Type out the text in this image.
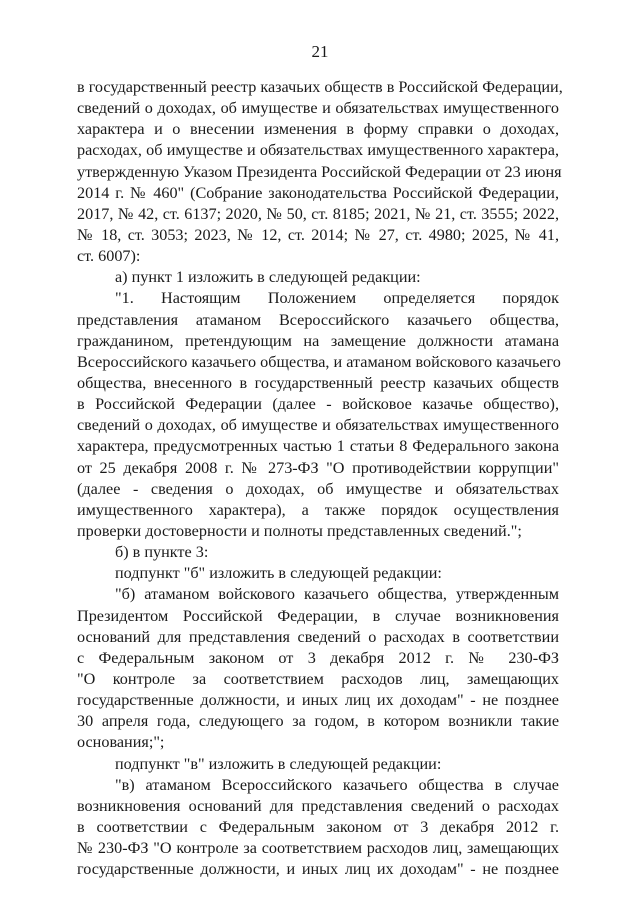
21
в государственный реестр казачьих обществ в Российской Федерации,
сведений о доходах, об имуществе и обязательствах имущественного
характера и о внесении изменения в форму справки о доходах,
расходах, об имуществе и обязательствах имущественного характера,
утвержденную Указом Президента Российской Федерации от 23 июня
2014 г. № 460" (Собрание законодательства Российской Федерации,
2017, № 42, ст. 6137; 2020, № 50, ст. 8185; 2021, № 21, ст. 3555; 2022,
№ 18, ст. 3053; 2023, № 12, ст. 2014; № 27, ст. 4980; 2025, № 41,
ст. 6007):
а) пункт 1 изложить в следующей редакции:
"1. Настоящим Положением определяется порядок
представления атаманом Всероссийского казачьего общества,
гражданином, претендующим на замещение должности атамана
Всероссийского казачьего общества, и атаманом войскового казачьего
общества, внесенного в государственный реестр казачьих обществ
в Российской Федерации (далее - войсковое казачье общество),
сведений о доходах, об имуществе и обязательствах имущественного
характера, предусмотренных частью 1 статьи 8 Федерального закона
от 25 декабря 2008 г. № 273-ФЗ "О противодействии коррупции"
(далее - сведения о доходах, об имуществе и обязательствах
имущественного характера), а также порядок осуществления
проверки достоверности и полноты представленных сведений.";
б) в пункте 3:
подпункт "б" изложить в следующей редакции:
"б) атаманом войскового казачьего общества, утвержденным
Президентом Российской Федерации, в случае возникновения
оснований для представления сведений о расходах в соответствии
с Федеральным законом от 3 декабря 2012 г. № 230-ФЗ
"О контроле за соответствием расходов лиц, замещающих
государственные должности, и иных лиц их доходам" - не позднее
30 апреля года, следующего за годом, в котором возникли такие
основания;";
подпункт "в" изложить в следующей редакции:
"в) атаманом Всероссийского казачьего общества в случае
возникновения оснований для представления сведений о расходах
в соответствии с Федеральным законом от 3 декабря 2012 г.
№ 230-ФЗ "О контроле за соответствием расходов лиц, замещающих
государственные должности, и иных лиц их доходам" - не позднее
